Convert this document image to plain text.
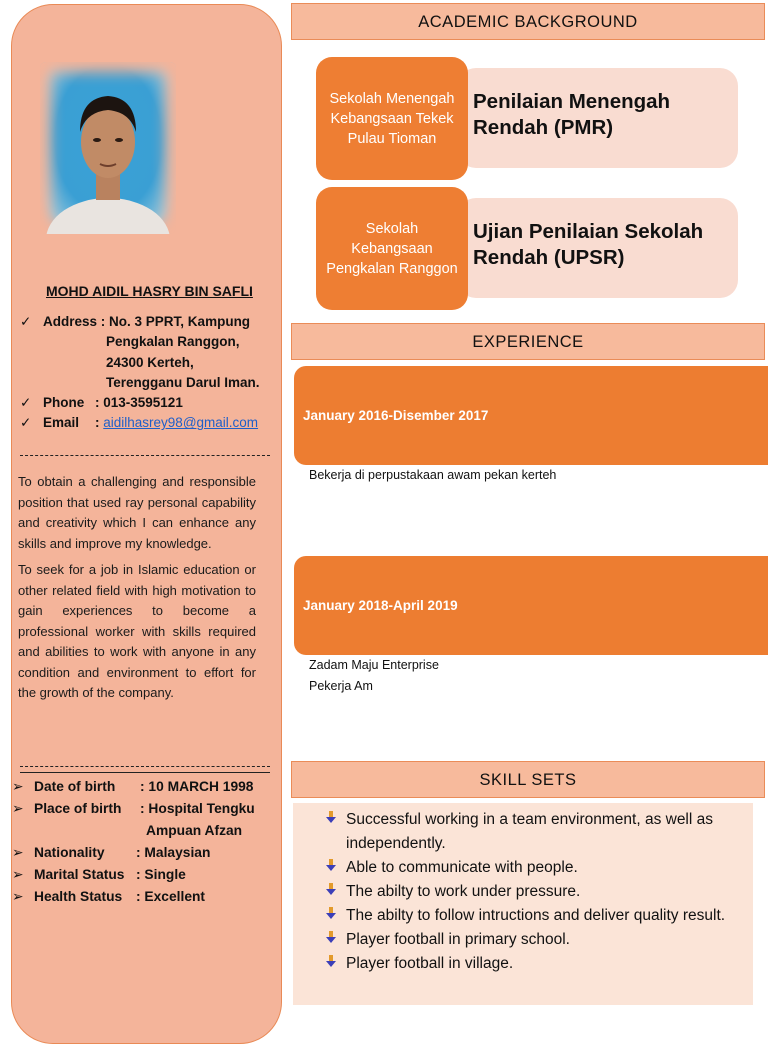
MOHD AIDIL HASRY BIN SAFLI
✓ Address : No. 3 PPRT, Kampung
Pengkalan Ranggon,
24300 Kerteh,
Terengganu Darul Iman.
✓ Phone : 013-3595121
✓ Email : aidilhasrey98@gmail.com

To obtain a challenging and responsible position that used ray personal capability and creativity which I can enhance any skills and improve my knowledge.

To seek for a job in Islamic education or other related field with high motivation to gain experiences to become a professional worker with skills required and abilities to work with anyone in any condition and environment to effort for the growth of the company.

➢ Date of birth : 10 MARCH 1998
➢ Place of birth : Hospital Tengku
Ampuan Afzan
➢ Nationality : Malaysian
➢ Marital Status : Single
➢ Health Status : Excellent
ACADEMIC BACKGROUND
Sekolah Menengah Kebangsaan Tekek Pulau Tioman
Penilaian Menengah Rendah (PMR)
Sekolah Kebangsaan Pengkalan Ranggon
Ujian Penilaian Sekolah Rendah (UPSR)
EXPERIENCE
January 2016-Disember 2017
Bekerja di perpustakaan awam pekan kerteh
January 2018-April 2019
Zadam Maju Enterprise
Pekerja Am
SKILL SETS
Successful working in a team environment, as well as independently.
Able to communicate with people.
The abilty to work under pressure.
The abilty to follow intructions and deliver quality result.
Player football in primary school.
Player football in village.
